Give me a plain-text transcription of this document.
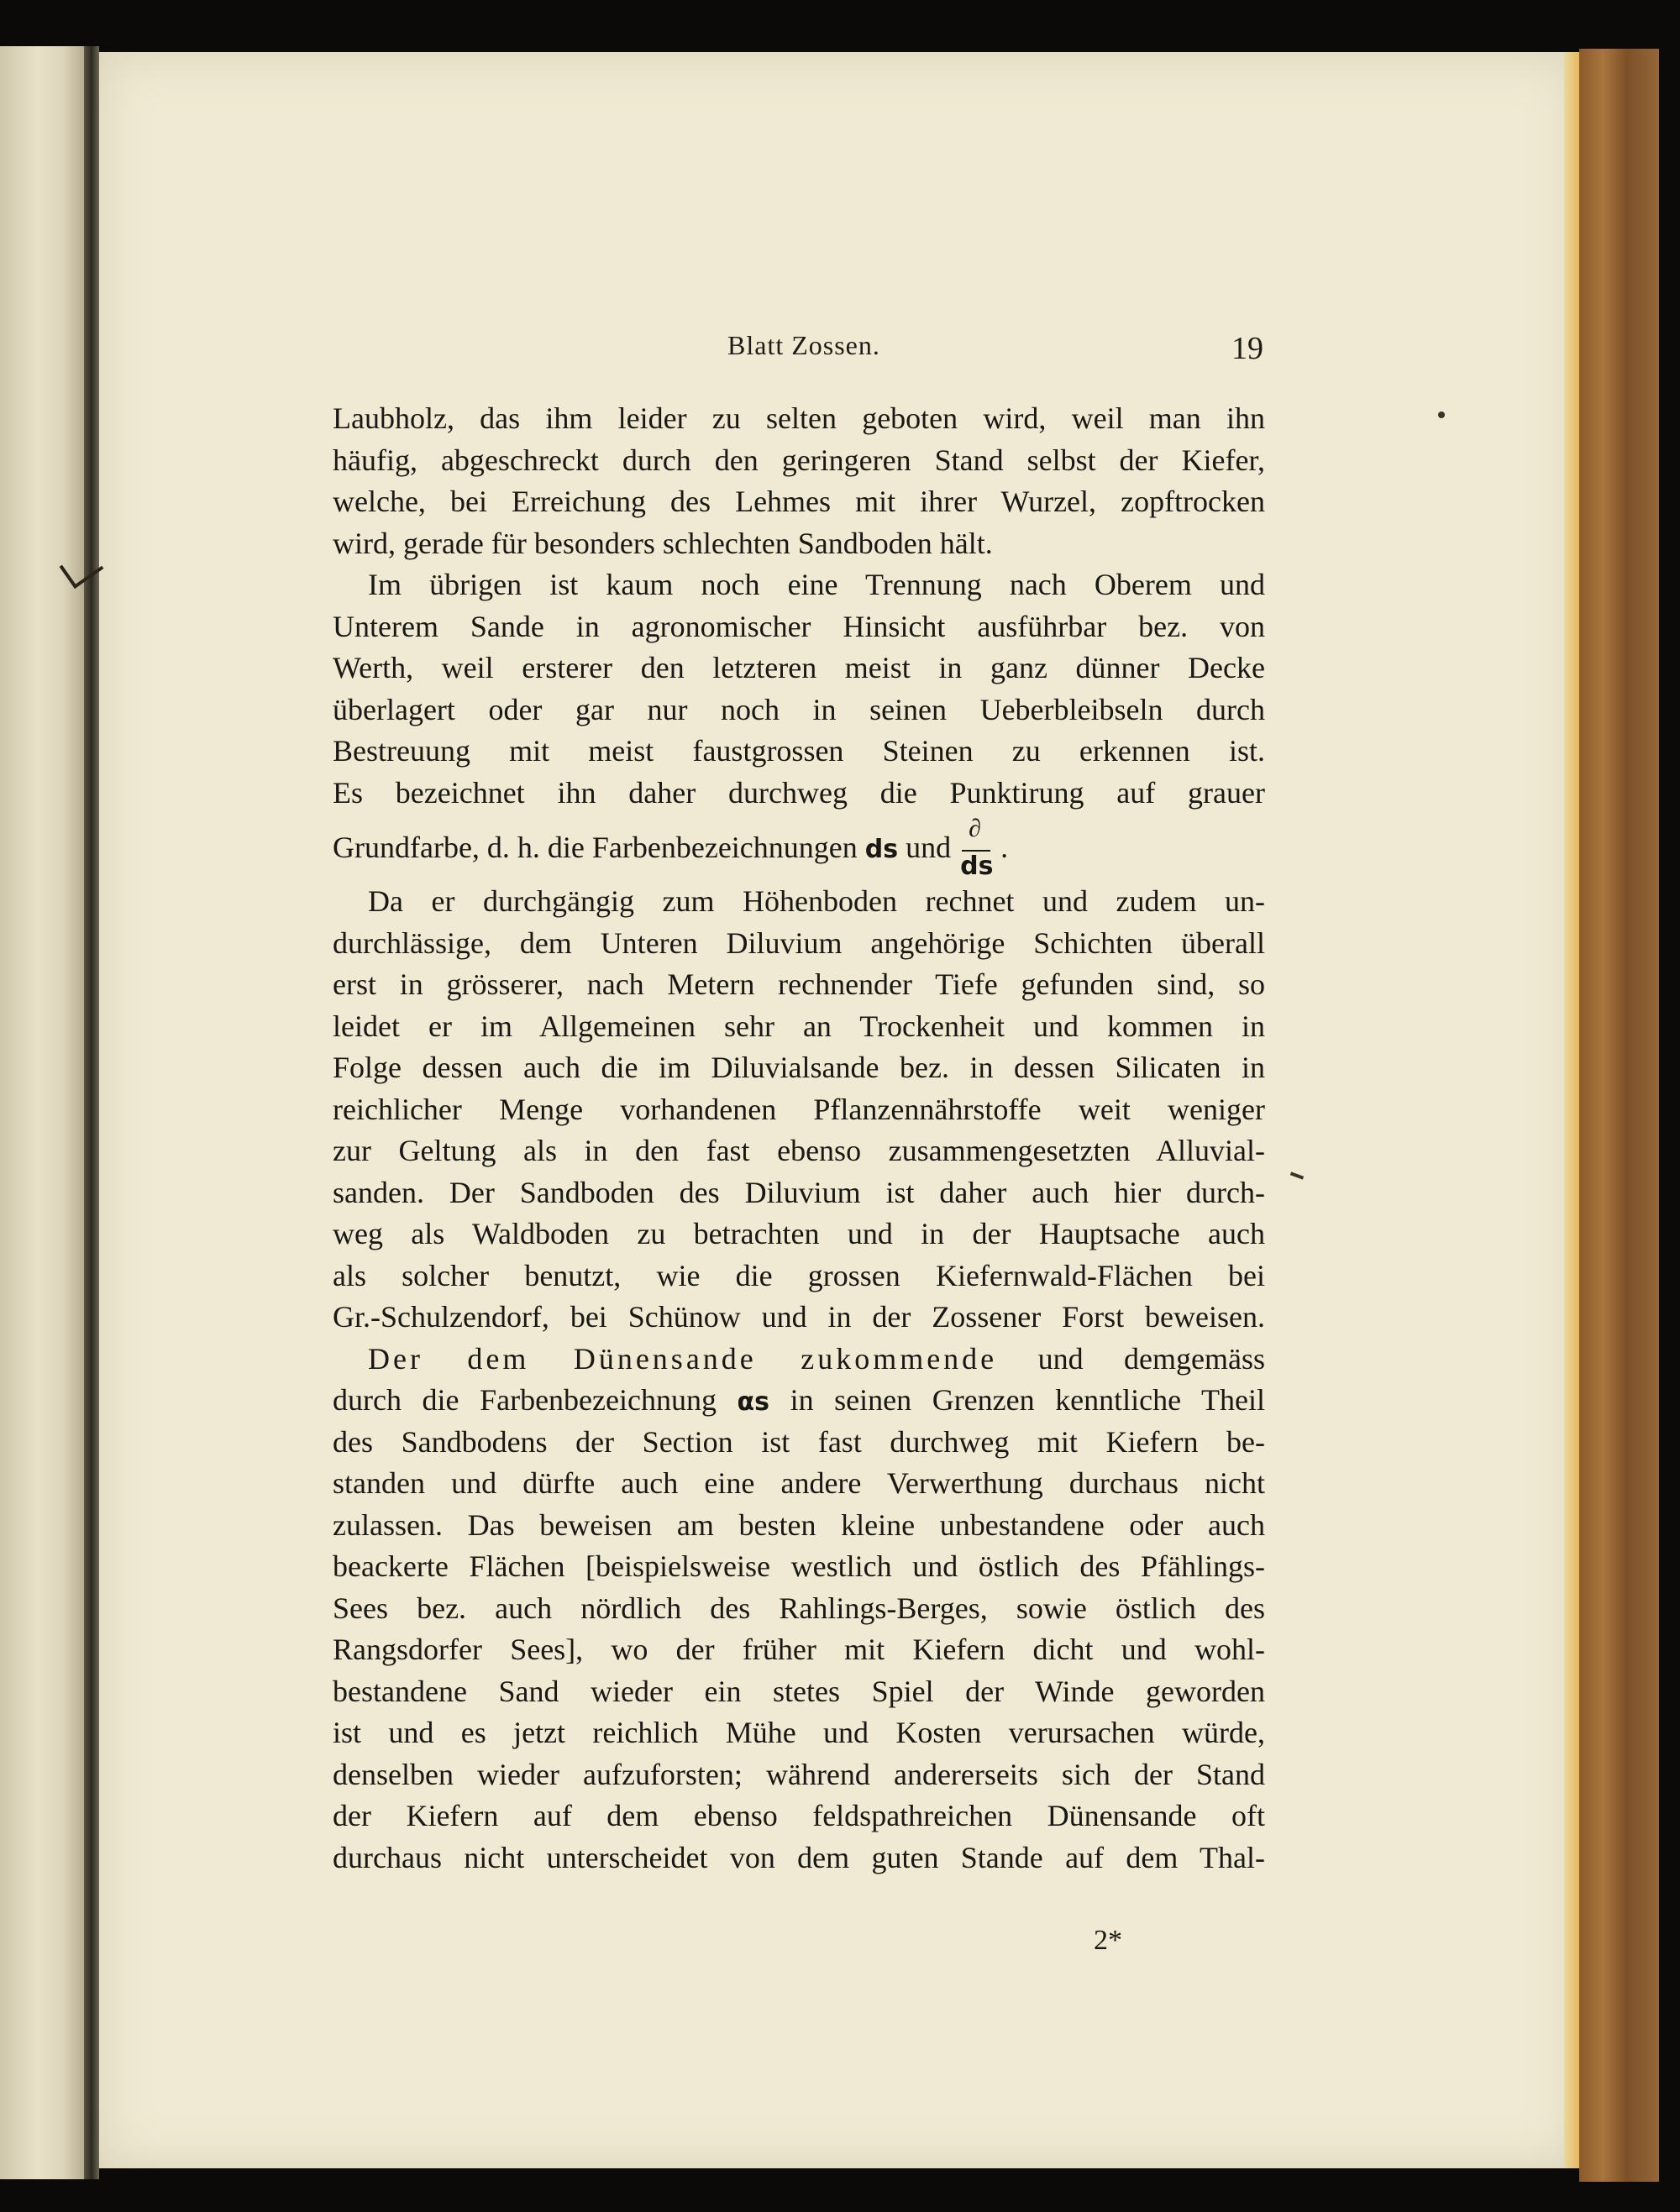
Blatt Zossen.	19
Laubholz, das ihm leider zu selten geboten wird, weil man ihn
häufig, abgeschreckt durch den geringeren Stand selbst der Kiefer,
welche, bei Erreichung des Lehmes mit ihrer Wurzel, zopftrocken
wird, gerade für besonders schlechten Sandboden hält.
Im übrigen ist kaum noch eine Trennung nach Oberem und
Unterem Sande in agronomischer Hinsicht ausführbar bez. von
Werth, weil ersterer den letzteren meist in ganz dünner Decke
überlagert oder gar nur noch in seinen Ueberbleibseln durch
Bestreuung mit meist faustgrossen Steinen zu erkennen ist.
Es bezeichnet ihn daher durchweg die Punktirung auf grauer
Grundfarbe, d. h. die Farbenbezeichnungen ds und $\frac{\partial}{ds}$ .
Da er durchgängig zum Höhenboden rechnet und zudem un-
durchlässige, dem Unteren Diluvium angehörige Schichten überall
erst in grösserer, nach Metern rechnender Tiefe gefunden sind, so
leidet er im Allgemeinen sehr an Trockenheit und kommen in
Folge dessen auch die im Diluvialsande bez. in dessen Silicaten in
reichlicher Menge vorhandenen Pflanzennährstoffe weit weniger
zur Geltung als in den fast ebenso zusammengesetzten Alluvial-
sanden. Der Sandboden des Diluvium ist daher auch hier durch-
weg als Waldboden zu betrachten und in der Hauptsache auch
als solcher benutzt, wie die grossen Kiefernwald-Flächen bei
Gr.-Schulzendorf, bei Schünow und in der Zossener Forst beweisen.
Der dem Dünensande zukommende und demgemäss
durch die Farbenbezeichnung αs in seinen Grenzen kenntliche Theil
des Sandbodens der Section ist fast durchweg mit Kiefern be-
standen und dürfte auch eine andere Verwerthung durchaus nicht
zulassen. Das beweisen am besten kleine unbestandene oder auch
beackerte Flächen [beispielsweise westlich und östlich des Pfählings-
Sees bez. auch nördlich des Rahlings-Berges, sowie östlich des
Rangsdorfer Sees], wo der früher mit Kiefern dicht und wohl-
bestandene Sand wieder ein stetes Spiel der Winde geworden
ist und es jetzt reichlich Mühe und Kosten verursachen würde,
denselben wieder aufzuforsten; während andererseits sich der Stand
der Kiefern auf dem ebenso feldspathreichen Dünensande oft
durchaus nicht unterscheidet von dem guten Stande auf dem Thal-
2*
